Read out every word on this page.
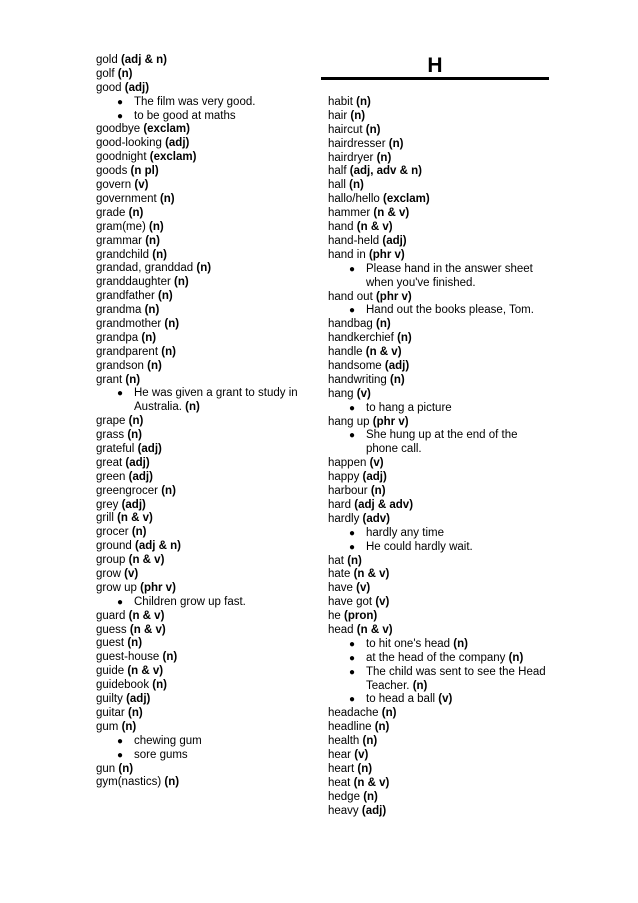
gold (adj & n)
golf (n)
good (adj)
● The film was very good.
● to be good at maths
goodbye (exclam)
good-looking (adj)
goodnight (exclam)
goods (n pl)
govern (v)
government (n)
grade (n)
gram(me) (n)
grammar (n)
grandchild (n)
grandad, granddad (n)
granddaughter (n)
grandfather (n)
grandma (n)
grandmother (n)
grandpa (n)
grandparent (n)
grandson (n)
grant (n)
● He was given a grant to study in Australia. (n)
grape (n)
grass (n)
grateful (adj)
great (adj)
green (adj)
greengrocer (n)
grey (adj)
grill (n & v)
grocer (n)
ground (adj & n)
group (n & v)
grow (v)
grow up (phr v)
● Children grow up fast.
guard (n & v)
guess (n & v)
guest (n)
guest-house (n)
guide (n & v)
guidebook (n)
guilty (adj)
guitar (n)
gum (n)
● chewing gum
● sore gums
gun (n)
gym(nastics) (n)
H
habit (n)
hair (n)
haircut (n)
hairdresser (n)
hairdryer (n)
half (adj, adv & n)
hall (n)
hallo/hello (exclam)
hammer (n & v)
hand (n & v)
hand-held (adj)
hand in (phr v)
● Please hand in the answer sheet when you've finished.
hand out (phr v)
● Hand out the books please, Tom.
handbag (n)
handkerchief (n)
handle (n & v)
handsome (adj)
handwriting (n)
hang (v)
● to hang a picture
hang up (phr v)
● She hung up at the end of the phone call.
happen (v)
happy (adj)
harbour (n)
hard (adj & adv)
hardly (adv)
● hardly any time
● He could hardly wait.
hat (n)
hate (n & v)
have (v)
have got (v)
he (pron)
head (n & v)
● to hit one's head (n)
● at the head of the company (n)
● The child was sent to see the Head Teacher. (n)
● to head a ball (v)
headache (n)
headline (n)
health (n)
hear (v)
heart (n)
heat (n & v)
hedge (n)
heavy (adj)
